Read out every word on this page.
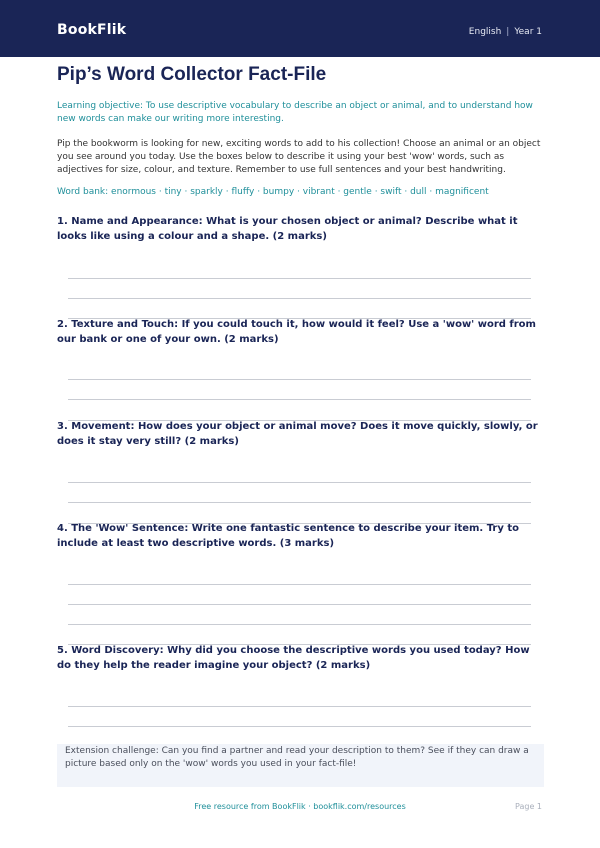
BookFlik	English | Year 1
Pip’s Word Collector Fact-File
Learning objective: To use descriptive vocabulary to describe an object or animal, and to understand how new words can make our writing more interesting.
Pip the bookworm is looking for new, exciting words to add to his collection! Choose an animal or an object you see around you today. Use the boxes below to describe it using your best 'wow' words, such as adjectives for size, colour, and texture. Remember to use full sentences and your best handwriting.
Word bank: enormous · tiny · sparkly · fluffy · bumpy · vibrant · gentle · swift · dull · magnificent
1. Name and Appearance: What is your chosen object or animal? Describe what it looks like using a colour and a shape. (2 marks)
2. Texture and Touch: If you could touch it, how would it feel? Use a 'wow' word from our bank or one of your own. (2 marks)
3. Movement: How does your object or animal move? Does it move quickly, slowly, or does it stay very still? (2 marks)
4. The 'Wow' Sentence: Write one fantastic sentence to describe your item. Try to include at least two descriptive words. (3 marks)
5. Word Discovery: Why did you choose the descriptive words you used today? How do they help the reader imagine your object? (2 marks)
Extension challenge: Can you find a partner and read your description to them? See if they can draw a picture based only on the 'wow' words you used in your fact-file!
Free resource from BookFlik · bookflik.com/resources	Page 1
